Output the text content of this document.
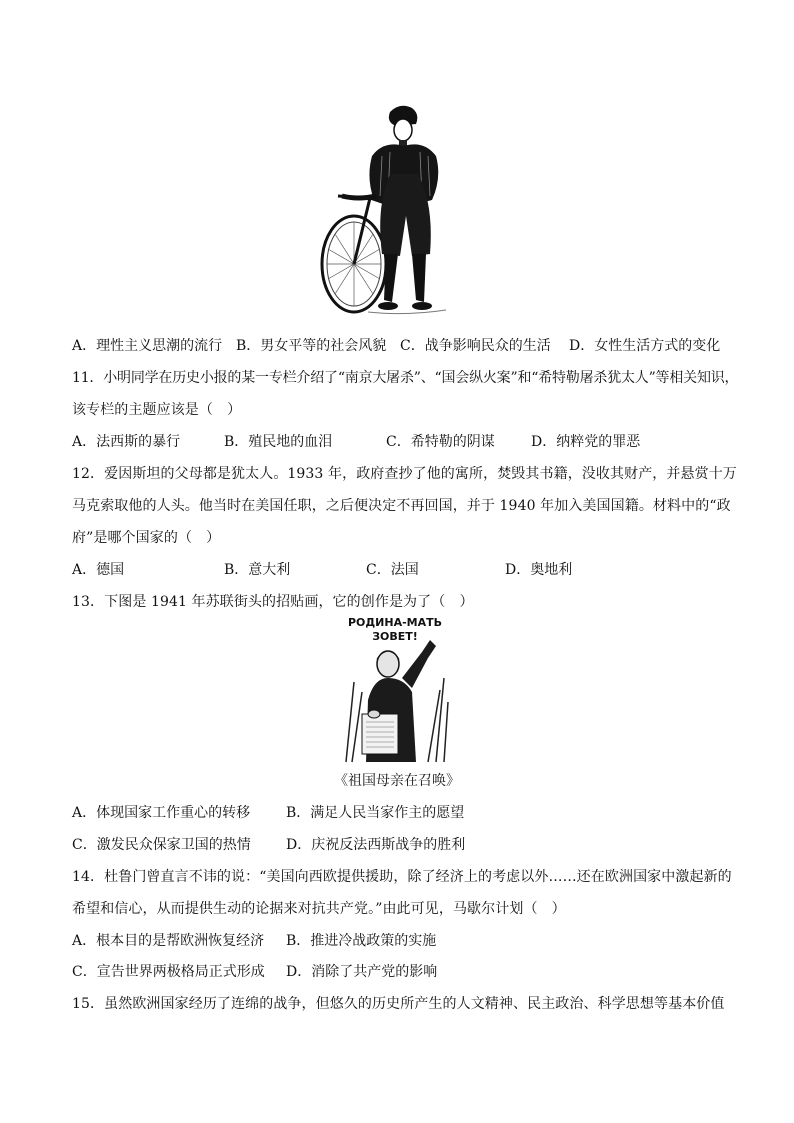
A．理性主义思潮的流行 B．男女平等的社会风貌 C．战争影响民众的生活 D．女性生活方式的变化
11．小明同学在历史小报的某一专栏介绍了“南京大屠杀”、“国会纵火案”和“希特勒屠杀犹太人”等相关知识，
该专栏的主题应该是（　）
A．法西斯的暴行	B．殖民地的血泪	C．希特勒的阴谋	D．纳粹党的罪恶
12．爱因斯坦的父母都是犹太人。1933 年，政府查抄了他的寓所，焚毁其书籍，没收其财产，并悬赏十万
马克索取他的人头。他当时在美国任职，之后便决定不再回国，并于 1940 年加入美国国籍。材料中的“政
府”是哪个国家的（　）
A．德国	B．意大利	C．法国	D．奥地利
13．下图是 1941 年苏联街头的招贴画，它的创作是为了（　）
РОДИНА-МАТЬ
ЗОВЕТ!
《祖国母亲在召唤》
A．体现国家工作重心的转移	B．满足人民当家作主的愿望
C．激发民众保家卫国的热情	D．庆祝反法西斯战争的胜利
14．杜鲁门曾直言不讳的说：“美国向西欧提供援助，除了经济上的考虑以外……还在欧洲国家中激起新的
希望和信心，从而提供生动的论据来对抗共产党。”由此可见，马歇尔计划（　）
A．根本目的是帮欧洲恢复经济 B．推进冷战政策的实施
C．宣告世界两极格局正式形成 D．消除了共产党的影响
15．虽然欧洲国家经历了连绵的战争，但悠久的历史所产生的人文精神、民主政治、科学思想等基本价值
